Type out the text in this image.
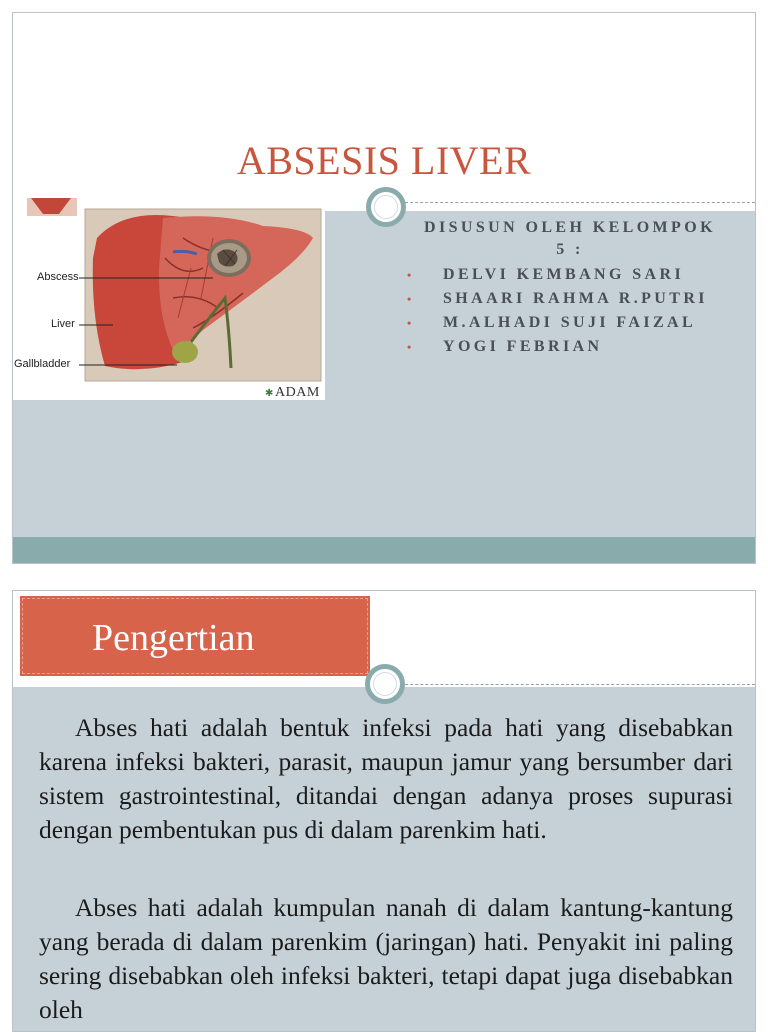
ABSESIS LIVER
Abscess
Liver
Gallbladder
✱ ADAM
DISUSUN OLEH KELOMPOK
5 :
• DELVI KEMBANG SARI
• SHAARI RAHMA R.PUTRI
• M.ALHADI SUJI FAIZAL
• YOGI FEBRIAN
Pengertian

Abses hati adalah bentuk infeksi pada hati yang disebabkan karena infeksi bakteri, parasit, maupun jamur yang bersumber dari sistem gastrointestinal, ditandai dengan adanya proses supurasi dengan pembentukan pus di dalam parenkim hati.

Abses hati adalah kumpulan nanah di dalam kantung-kantung yang berada di dalam parenkim (jaringan) hati. Penyakit ini paling sering disebabkan oleh infeksi bakteri, tetapi dapat juga disebabkan oleh
